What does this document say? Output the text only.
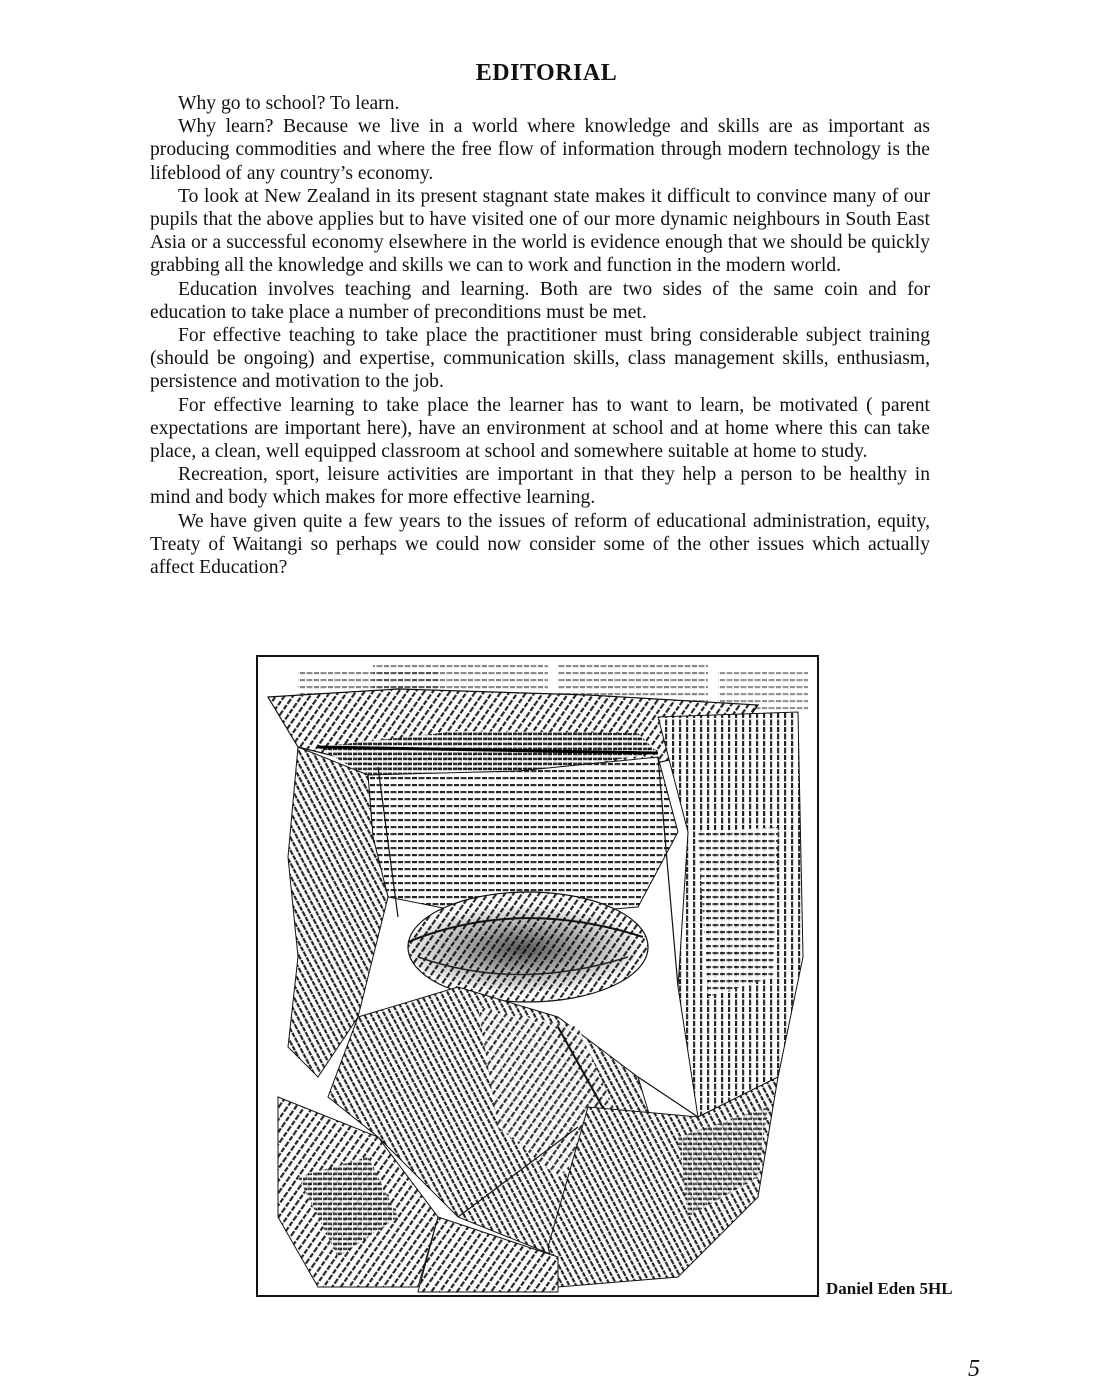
EDITORIAL

Why go to school? To learn.

Why learn? Because we live in a world where knowledge and skills are as important as producing commodities and where the free flow of information through modern technology is the lifeblood of any country’s economy.

To look at New Zealand in its present stagnant state makes it difficult to convince many of our pupils that the above applies but to have visited one of our more dynamic neighbours in South East Asia or a successful economy elsewhere in the world is evidence enough that we should be quickly grabbing all the knowledge and skills we can to work and function in the modern world.

Education involves teaching and learning. Both are two sides of the same coin and for education to take place a number of preconditions must be met.

For effective teaching to take place the practitioner must bring considerable subject training (should be ongoing) and expertise, communication skills, class management skills, enthusiasm, persistence and motivation to the job.

For effective learning to take place the learner has to want to learn, be motivated ( parent expectations are important here), have an environment at school and at home where this can take place, a clean, well equipped classroom at school and somewhere suitable at home to study.

Recreation, sport, leisure activities are important in that they help a person to be healthy in mind and body which makes for more effective learning.

We have given quite a few years to the issues of reform of educational administration, equity, Treaty of Waitangi so perhaps we could now consider some of the other issues which actually affect Education?

Daniel Eden 5HL
5
